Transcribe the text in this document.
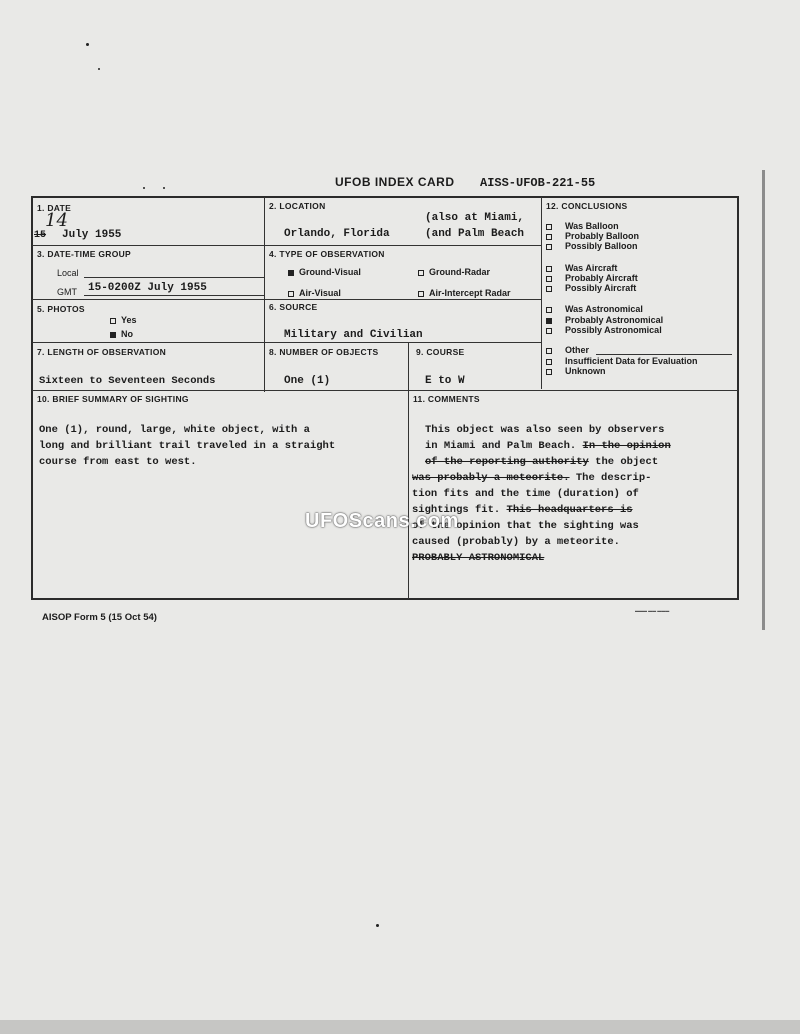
UFOB INDEX CARD AISS-UFOB-221-55
1. DATE
14
15 July 1955
2. LOCATION
Orlando, Florida
(also at Miami,
(and Palm Beach
3. DATE-TIME GROUP
Local
GMT 15-0200Z July 1955
4. TYPE OF OBSERVATION
Ground-Visual	Ground-Radar
Air-Visual	Air-Intercept Radar
5. PHOTOS
Yes
No
6. SOURCE
Military and Civilian
7. LENGTH OF OBSERVATION
Sixteen to Seventeen Seconds
8. NUMBER OF OBJECTS
One (1)
9. COURSE
E to W
10. BRIEF SUMMARY OF SIGHTING
One (1), round, large, white object, with a
long and brilliant trail traveled in a straight
course from east to west.
11. COMMENTS
This object was also seen by observers
in Miami and Palm Beach. In the opinion
of the reporting authority the object
was probably a meteorite. The descrip-
tion fits and the time (duration) of
sightings fit. This headquarters is
of the opinion that the sighting was
caused (probably) by a meteorite.
PROBABLY ASTRONOMICAL
12. CONCLUSIONS
Was Balloon
Probably Balloon
Possibly Balloon
Was Aircraft
Probably Aircraft
Possibly Aircraft
Was Astronomical
Probably Astronomical
Possibly Astronomical
Other
Insufficient Data for Evaluation
Unknown
UFOScans.com
AISOP Form 5 (15 Oct 54)
▬▬▬ ▬▬ ▬▬▬
